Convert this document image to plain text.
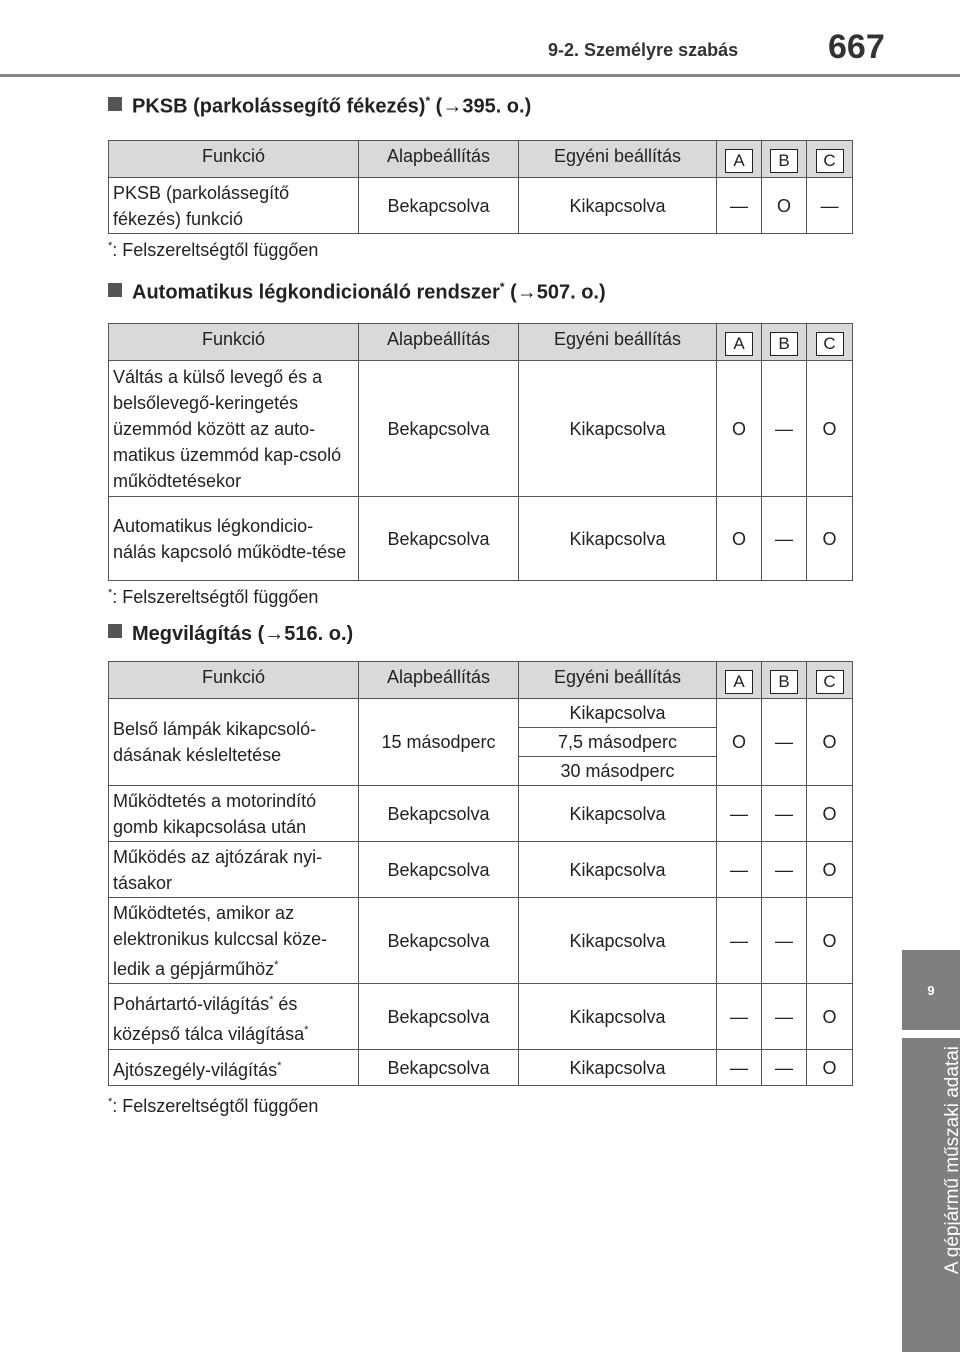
9-2. Személyre szabás	667
9
A gépjármű műszaki adatai
PKSB (parkolássegítő fékezés)* (→395. o.)
Funkció	Alapbeállítás	Egyéni beállítás	A	B	C
PKSB (parkolássegítő fékezés) funkció	Bekapcsolva	Kikapcsolva	—	O	—
*: Felszereltségtől függően
Automatikus légkondicionáló rendszer* (→507. o.)
Funkció	Alapbeállítás	Egyéni beállítás	A	B	C
Váltás a külső levegő és a belsőlevegő-keringetés üzemmód között az auto-matikus üzemmód kap-csoló működtetésekor	Bekapcsolva	Kikapcsolva	O	—	O
Automatikus légkondicio-nálás kapcsoló működte-tése	Bekapcsolva	Kikapcsolva	O	—	O
*: Felszereltségtől függően
Megvilágítás (→516. o.)
Funkció	Alapbeállítás	Egyéni beállítás	A	B	C
Belső lámpák kikapcsoló-dásának késleltetése	15 másodperc	Kikapcsolva	O	—	O
		7,5 másodperc			
		30 másodperc			
Működtetés a motorindító gomb kikapcsolása után	Bekapcsolva	Kikapcsolva	—	—	O
Működés az ajtózárak nyi-tásakor	Bekapcsolva	Kikapcsolva	—	—	O
Működtetés, amikor az elektronikus kulccsal köze-ledik a gépjárműhöz*	Bekapcsolva	Kikapcsolva	—	—	O
Pohártartó-világítás* és középső tálca világítása*	Bekapcsolva	Kikapcsolva	—	—	O
Ajtószegély-világítás*	Bekapcsolva	Kikapcsolva	—	—	O
*: Felszereltségtől függően
